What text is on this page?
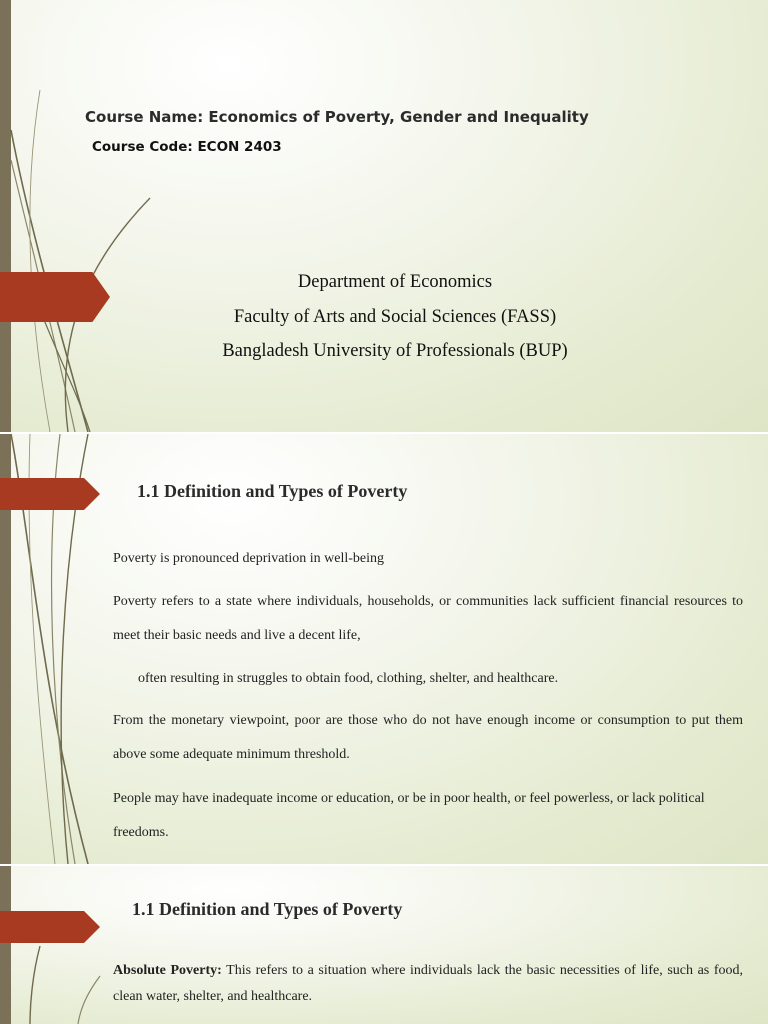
Course Name: Economics of Poverty, Gender and Inequality
Course Code: ECON 2403
Department of Economics
Faculty of Arts and Social Sciences (FASS)
Bangladesh University of Professionals (BUP)
1.1 Definition and Types of Poverty
Poverty is pronounced deprivation in well-being
Poverty refers to a state where individuals, households, or communities lack sufficient financial resources to meet their basic needs and live a decent life,
often resulting in struggles to obtain food, clothing, shelter, and healthcare.
From the monetary viewpoint, poor are those who do not have enough income or consumption to put them above some adequate minimum threshold.
People may have inadequate income or education, or be in poor health, or feel powerless, or lack political freedoms.
1.1 Definition and Types of Poverty
Absolute Poverty: This refers to a situation where individuals lack the basic necessities of life, such as food, clean water, shelter, and healthcare.
